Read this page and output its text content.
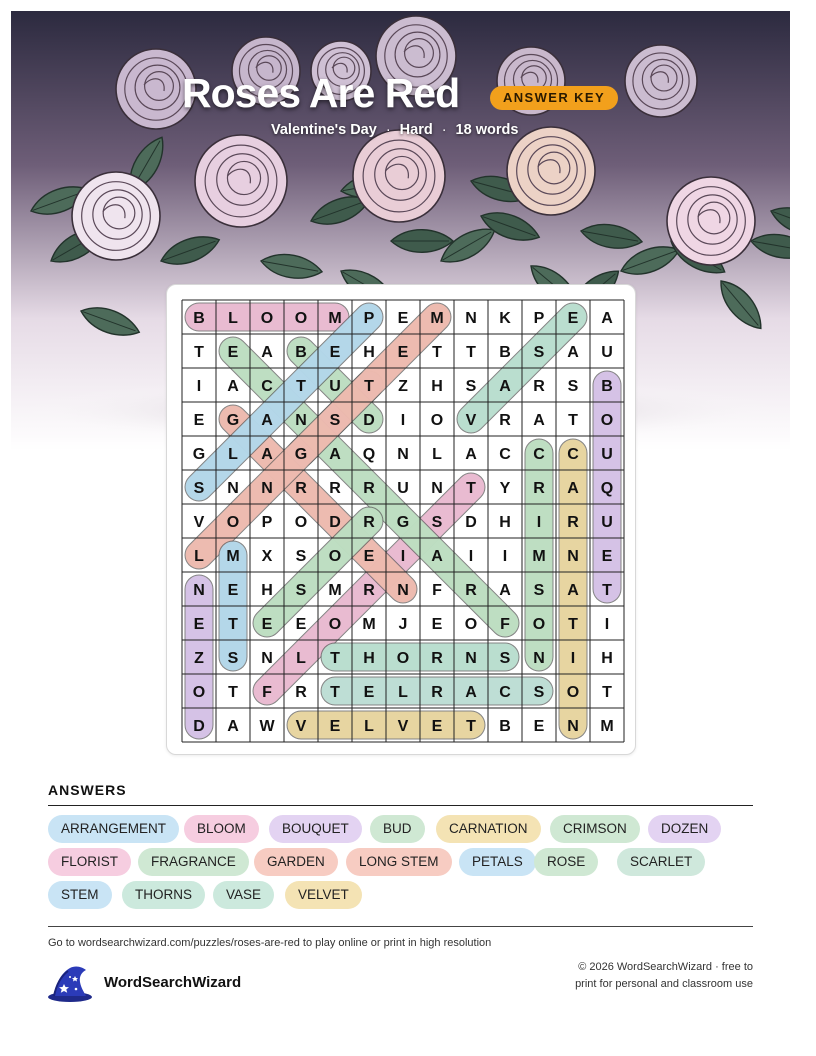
Roses Are Red	ANSWER KEY
Valentine's Day · Hard · 18 words
B L O O M P E M N K P E A
T E A B E H E T T B S A U
I A C T U T Z H S A R S B
E G A N S D I O V R A T O
G L A G A Q N L A C C C U
S N N R R R U N T Y R A Q
V O P O D R G S D H I R U
L M X S O E I A I I M N E
N E H S M R N F R A S A T
E T E E O M J E O F O T I
Z S N L T H O R N S N I H
O T F R T E L R A C S O T
D A W V E L V E T B E N M
ANSWERS
ARRANGEMENT	BLOOM	BOUQUET	BUD	CARNATION	CRIMSON	DOZEN
FLORIST	FRAGRANCE	GARDEN	LONG STEM	PETALS	ROSE	SCARLET
STEM	THORNS	VASE	VELVET
Go to wordsearchwizard.com/puzzles/roses-are-red to play online or print in high resolution
WordSearchWizard
© 2026 WordSearchWizard · free to print for personal and classroom use
